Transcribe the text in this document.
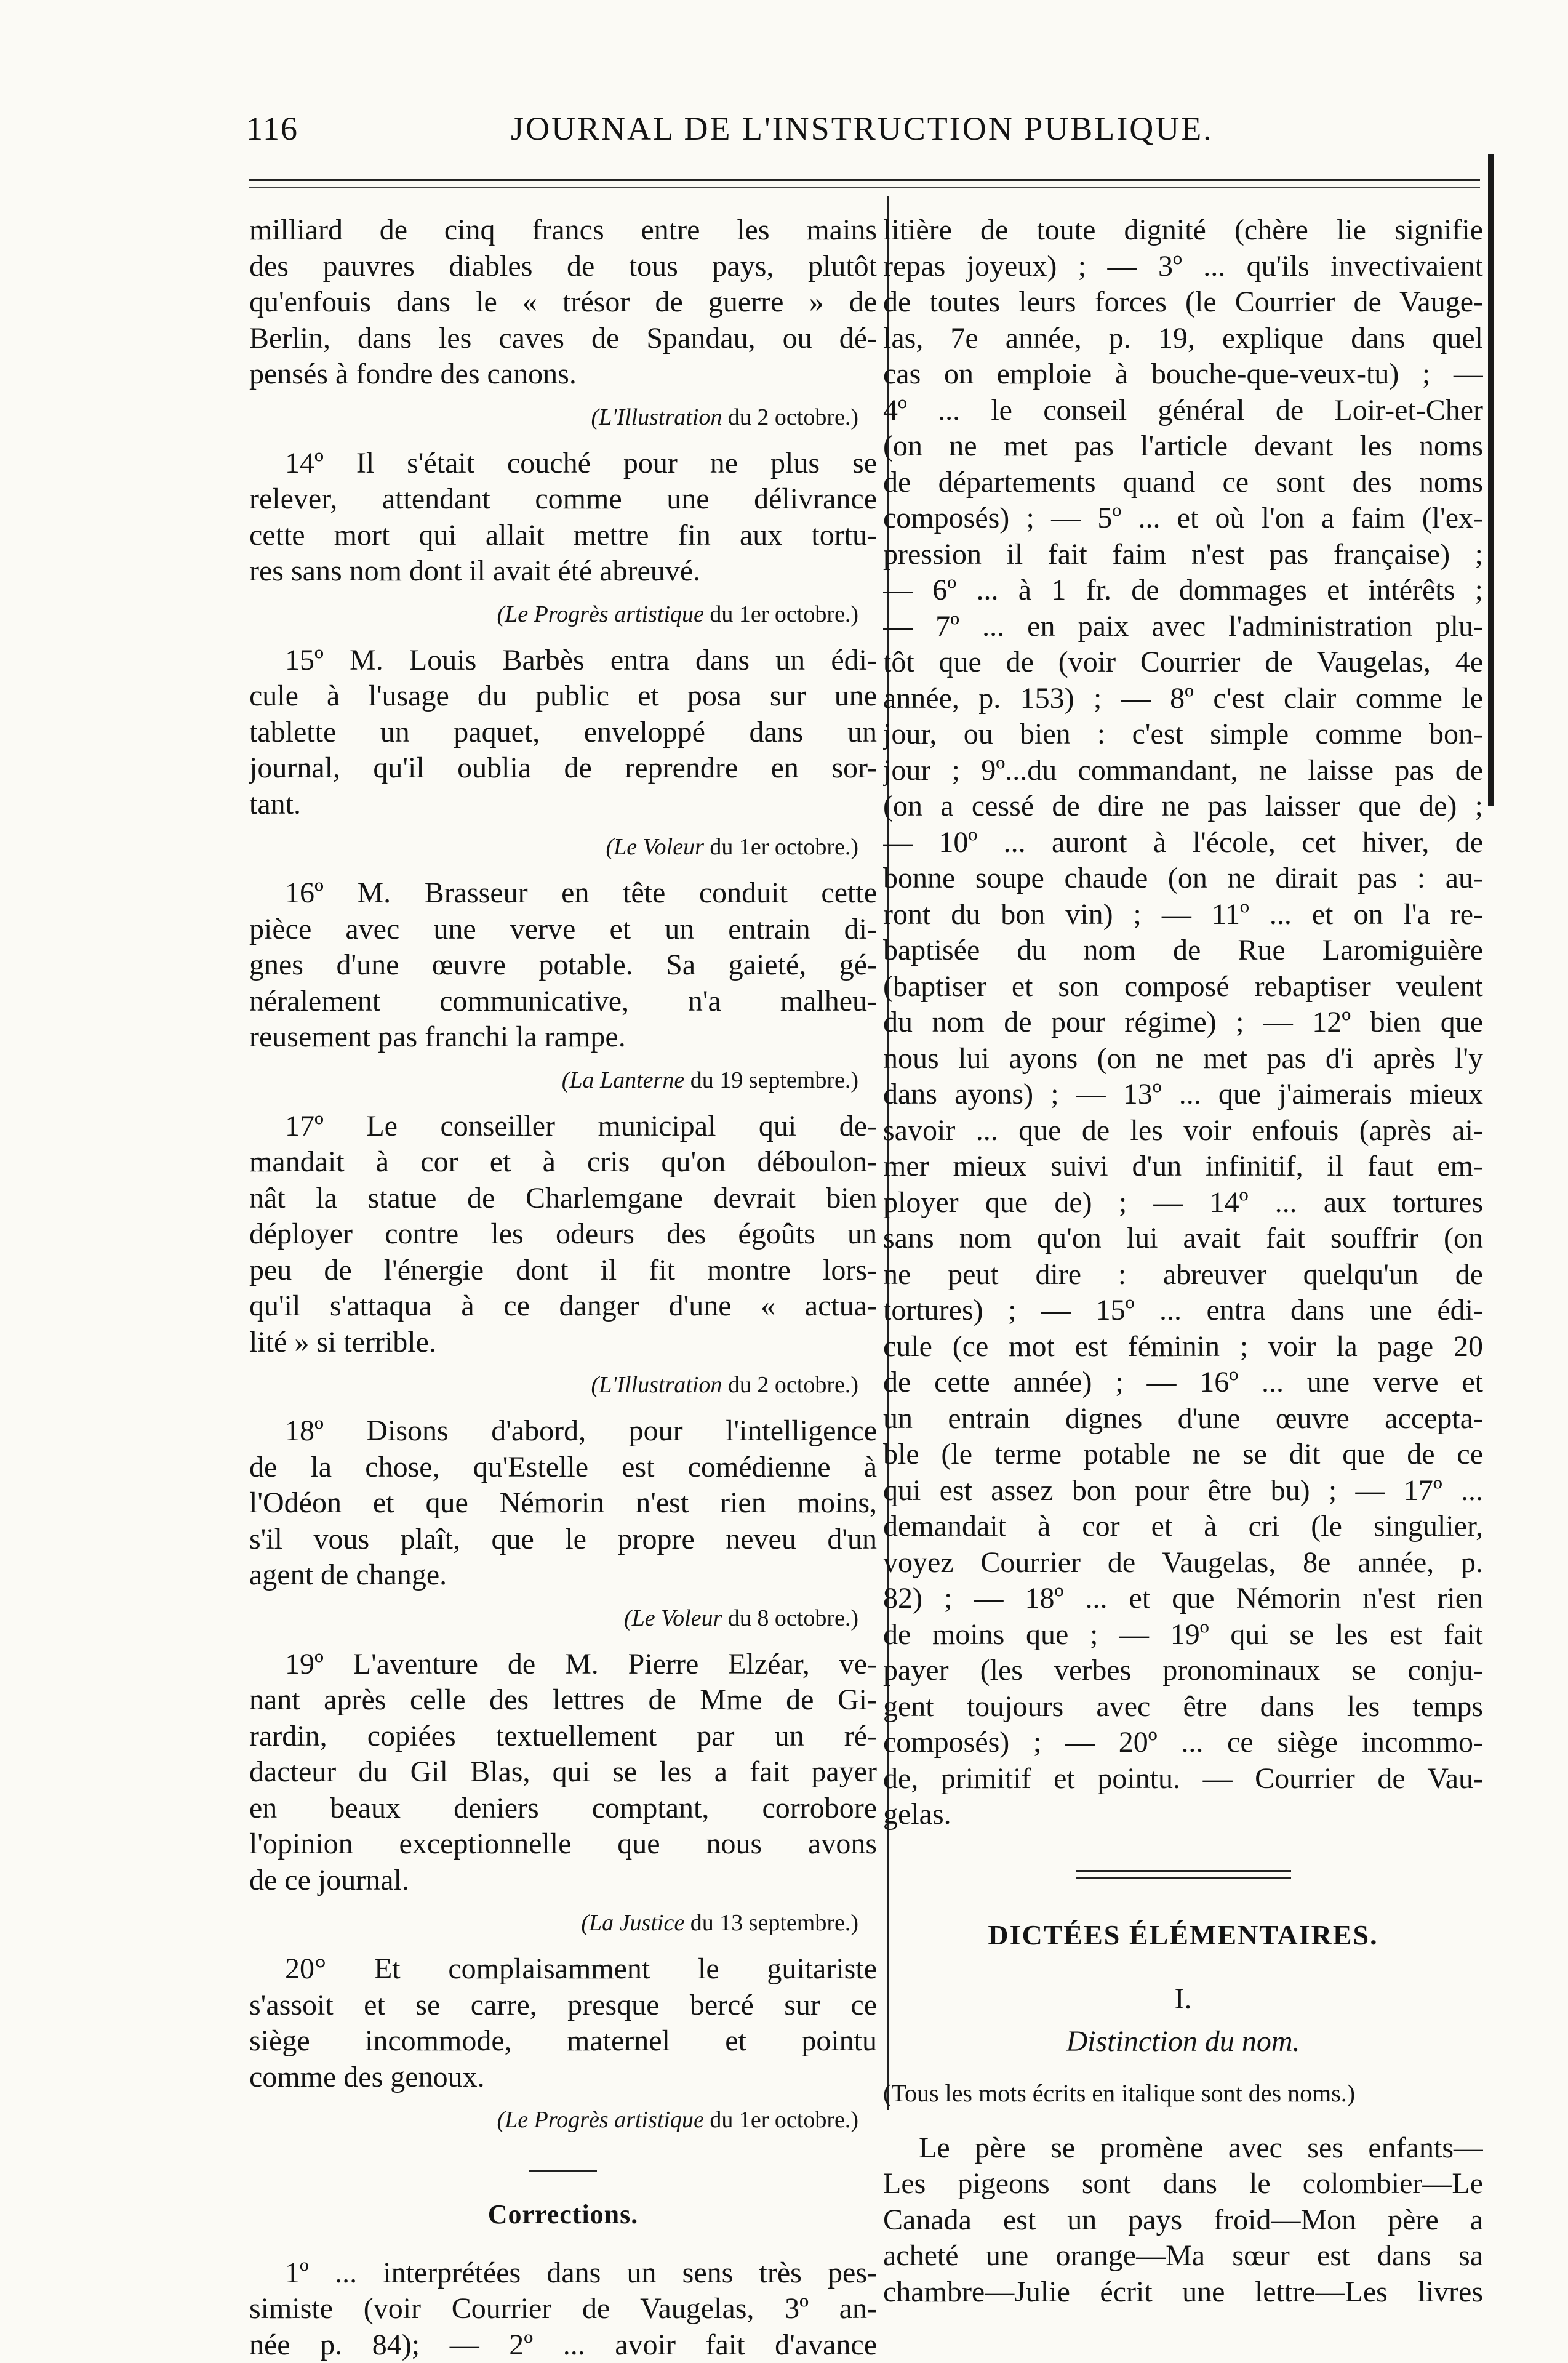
116	JOURNAL DE L'INSTRUCTION PUBLIQUE.
milliard de cinq francs entre les mains
des pauvres diables de tous pays, plutôt
qu'enfouis dans le « trésor de guerre » de
Berlin, dans les caves de Spandau, ou dé-
pensés à fondre des canons.
(L'Illustration du 2 octobre.)
14º Il s'était couché pour ne plus se
relever, attendant comme une délivrance
cette mort qui allait mettre fin aux tortu-
res sans nom dont il avait été abreuvé.
(Le Progrès artistique du 1er octobre.)
15º M. Louis Barbès entra dans un édi-
cule à l'usage du public et posa sur une
tablette un paquet, enveloppé dans un
journal, qu'il oublia de reprendre en sor-
tant.
(Le Voleur du 1er octobre.)
16º M. Brasseur en tête conduit cette
pièce avec une verve et un entrain di-
gnes d'une œuvre potable. Sa gaieté, gé-
néralement communicative, n'a malheu-
reusement pas franchi la rampe.
(La Lanterne du 19 septembre.)
17º Le conseiller municipal qui de-
mandait à cor et à cris qu'on déboulon-
nât la statue de Charlemgane devrait bien
déployer contre les odeurs des égoûts un
peu de l'énergie dont il fit montre lors-
qu'il s'attaqua à ce danger d'une « actua-
lité » si terrible.
(L'Illustration du 2 octobre.)
18º Disons d'abord, pour l'intelligence
de la chose, qu'Estelle est comédienne à
l'Odéon et que Némorin n'est rien moins,
s'il vous plaît, que le propre neveu d'un
agent de change.
(Le Voleur du 8 octobre.)
19º L'aventure de M. Pierre Elzéar, ve-
nant après celle des lettres de Mme de Gi-
rardin, copiées textuellement par un ré-
dacteur du Gil Blas, qui se les a fait payer
en beaux deniers comptant, corrobore
l'opinion exceptionnelle que nous avons
de ce journal.
(La Justice du 13 septembre.)
20° Et complaisamment le guitariste
s'assoit et se carre, presque bercé sur ce
siège incommode, maternel et pointu
comme des genoux.
(Le Progrès artistique du 1er octobre.)
Corrections.
1º ... interprétées dans un sens très pes-
simiste (voir Courrier de Vaugelas, 3º an-
née p. 84); — 2º ... avoir fait d'avance
litière de toute dignité (chère lie signifie
repas joyeux) ; — 3º ... qu'ils invectivaient
de toutes leurs forces (le Courrier de Vauge-
las, 7e année, p. 19, explique dans quel
cas on emploie à bouche-que-veux-tu) ; —
4º ... le conseil général de Loir-et-Cher
(on ne met pas l'article devant les noms
de départements quand ce sont des noms
composés) ; — 5º ... et où l'on a faim (l'ex-
pression il fait faim n'est pas française) ;
— 6º ... à 1 fr. de dommages et intérêts ;
— 7º ... en paix avec l'administration plu-
tôt que de (voir Courrier de Vaugelas, 4e
année, p. 153) ; — 8º c'est clair comme le
jour, ou bien : c'est simple comme bon-
jour ; 9º...du commandant, ne laisse pas de
(on a cessé de dire ne pas laisser que de) ;
— 10º ... auront à l'école, cet hiver, de
bonne soupe chaude (on ne dirait pas : au-
ront du bon vin) ; — 11º ... et on l'a re-
baptisée du nom de Rue Laromiguière
(baptiser et son composé rebaptiser veulent
du nom de pour régime) ; — 12º bien que
nous lui ayons (on ne met pas d'i après l'y
dans ayons) ; — 13º ... que j'aimerais mieux
savoir ... que de les voir enfouis (après ai-
mer mieux suivi d'un infinitif, il faut em-
ployer que de) ; — 14º ... aux tortures
sans nom qu'on lui avait fait souffrir (on
ne peut dire : abreuver quelqu'un de
tortures) ; — 15º ... entra dans une édi-
cule (ce mot est féminin ; voir la page 20
de cette année) ; — 16º ... une verve et
un entrain dignes d'une œuvre accepta-
ble (le terme potable ne se dit que de ce
qui est assez bon pour être bu) ; — 17º ...
demandait à cor et à cri (le singulier,
voyez Courrier de Vaugelas, 8e année, p.
82) ; — 18º ... et que Némorin n'est rien
de moins que ; — 19º qui se les est fait
payer (les verbes pronominaux se conju-
gent toujours avec être dans les temps
composés) ; — 20º ... ce siège incommo-
de, primitif et pointu. — Courrier de Vau-
gelas.
DICTÉES ÉLÉMENTAIRES.
I.
Distinction du nom.
(Tous les mots écrits en italique sont des noms.)
Le père se promène avec ses enfants—
Les pigeons sont dans le colombier—Le
Canada est un pays froid—Mon père a
acheté une orange—Ma sœur est dans sa
chambre—Julie écrit une lettre—Les livres
